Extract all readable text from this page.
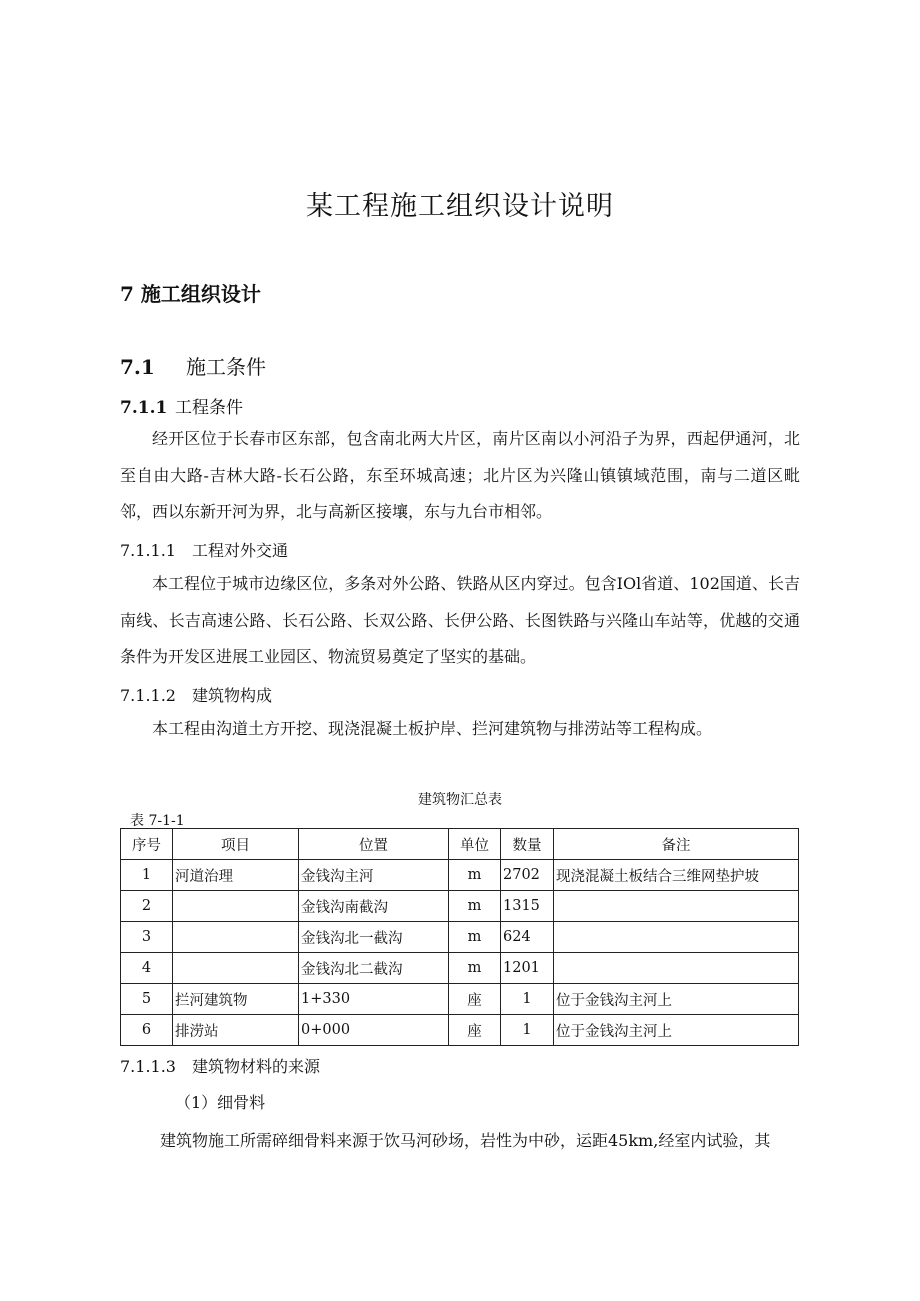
某工程施工组织设计说明
7 施工组织设计
7.1 施工条件
7.1.1 工程条件
经开区位于长春市区东部，包含南北两大片区，南片区南以小河沿子为界，西起伊通河，北至自由大路-吉林大路-长石公路，东至环城高速；北片区为兴隆山镇镇域范围，南与二道区毗邻，西以东新开河为界，北与高新区接壤，东与九台市相邻。
7.1.1.1 工程对外交通
本工程位于城市边缘区位，多条对外公路、铁路从区内穿过。包含IOl省道、102国道、长吉南线、长吉高速公路、长石公路、长双公路、长伊公路、长图铁路与兴隆山车站等，优越的交通条件为开发区进展工业园区、物流贸易奠定了坚实的基础。
7.1.1.2 建筑物构成
本工程由沟道土方开挖、现浇混凝土板护岸、拦河建筑物与排涝站等工程构成。
建筑物汇总表
表 7-1-1
序号	项目	位置	单位	数量	备注
1	河道治理	金钱沟主河	m	2702	现浇混凝土板结合三维网垫护坡
2		金钱沟南截沟	m	1315	
3		金钱沟北一截沟	m	624	
4		金钱沟北二截沟	m	1201	
5	拦河建筑物	1+330	座	1	位于金钱沟主河上
6	排涝站	0+000	座	1	位于金钱沟主河上
7.1.1.3 建筑物材料的来源
（1）细骨料
建筑物施工所需碎细骨料来源于饮马河砂场，岩性为中砂，运距45km,经室内试验，其
